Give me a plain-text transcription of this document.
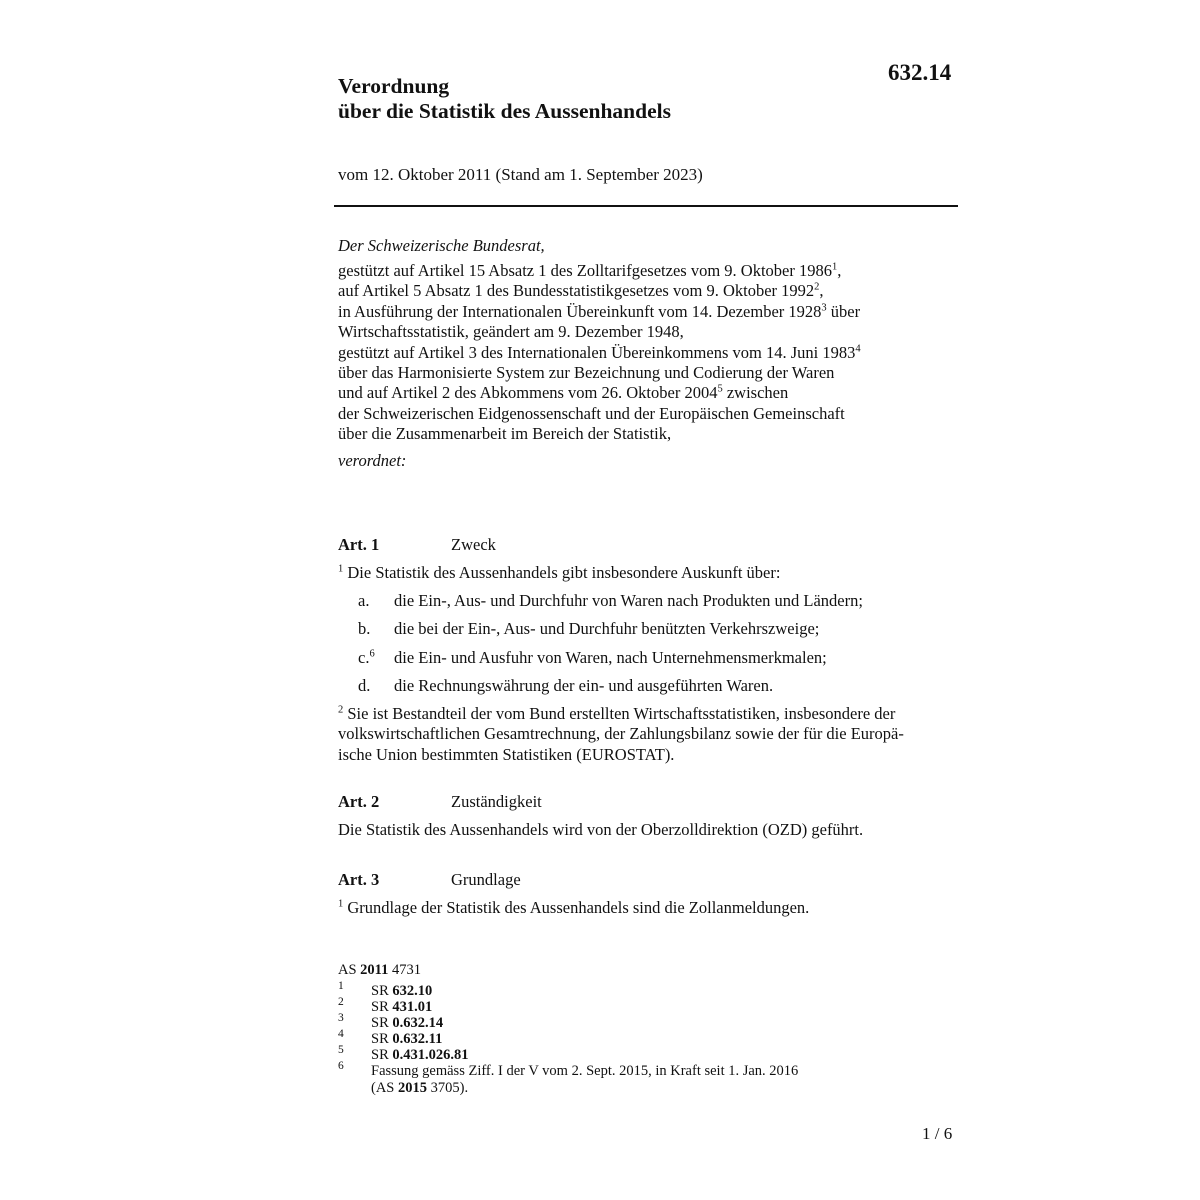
632.14
Verordnung
über die Statistik des Aussenhandels
vom 12. Oktober 2011 (Stand am 1. September 2023)
Der Schweizerische Bundesrat,
gestützt auf Artikel 15 Absatz 1 des Zolltarifgesetzes vom 9. Oktober 1986$^1$,
auf Artikel 5 Absatz 1 des Bundesstatistikgesetzes vom 9. Oktober 1992$^2$,
in Ausführung der Internationalen Übereinkunft vom 14. Dezember 1928$^3$ über
Wirtschaftsstatistik, geändert am 9. Dezember 1948,
gestützt auf Artikel 3 des Internationalen Übereinkommens vom 14. Juni 1983$^4$
über das Harmonisierte System zur Bezeichnung und Codierung der Waren
und auf Artikel 2 des Abkommens vom 26. Oktober 2004$^5$ zwischen
der Schweizerischen Eidgenossenschaft und der Europäischen Gemeinschaft
über die Zusammenarbeit im Bereich der Statistik,
verordnet:
Art. 1	Zweck
$^1$ Die Statistik des Aussenhandels gibt insbesondere Auskunft über:
a. die Ein-, Aus- und Durchfuhr von Waren nach Produkten und Ländern;
b. die bei der Ein-, Aus- und Durchfuhr benützten Verkehrszweige;
c.$^6$ die Ein- und Ausfuhr von Waren, nach Unternehmensmerkmalen;
d. die Rechnungswährung der ein- und ausgeführten Waren.
$^2$ Sie ist Bestandteil der vom Bund erstellten Wirtschaftsstatistiken, insbesondere der
volkswirtschaftlichen Gesamtrechnung, der Zahlungsbilanz sowie der für die Europä-
ische Union bestimmten Statistiken (EUROSTAT).
Art. 2	Zuständigkeit
Die Statistik des Aussenhandels wird von der Oberzolldirektion (OZD) geführt.
Art. 3	Grundlage
$^1$ Grundlage der Statistik des Aussenhandels sind die Zollanmeldungen.
AS 2011 4731
1 SR 632.10
2 SR 431.01
3 SR 0.632.14
4 SR 0.632.11
5 SR 0.431.026.81
6 Fassung gemäss Ziff. I der V vom 2. Sept. 2015, in Kraft seit 1. Jan. 2016
(AS 2015 3705).
1 / 6
